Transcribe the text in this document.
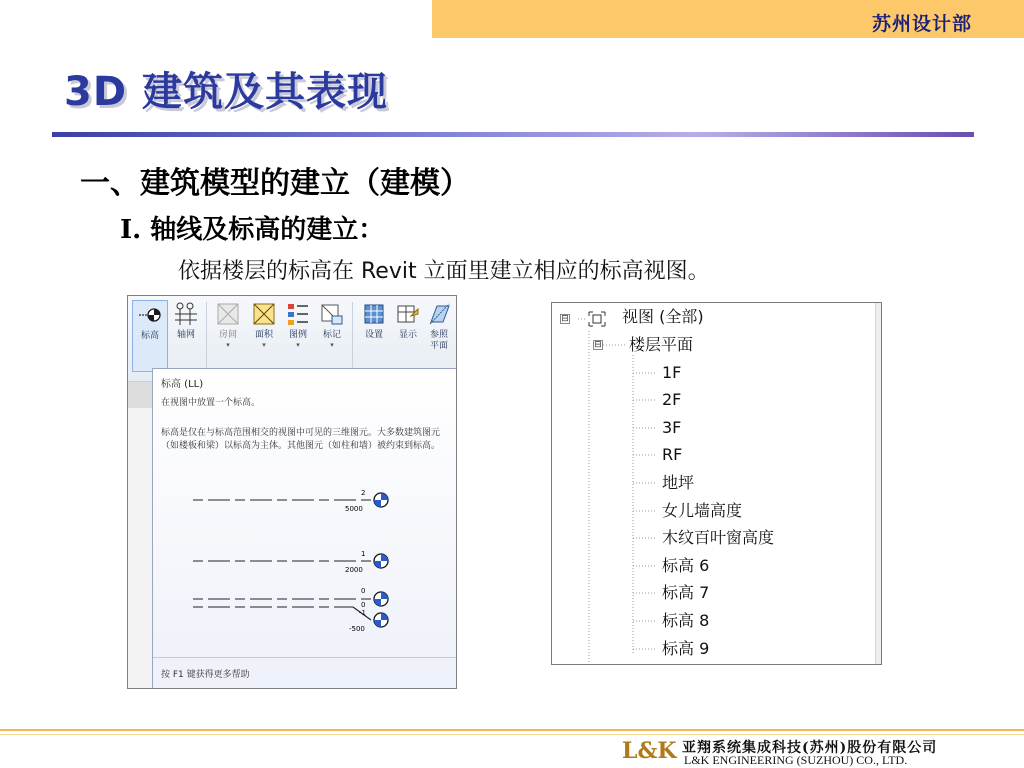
苏州设计部
3D 建筑及其表现
一、建筑模型的建立（建模）
Ⅰ. 轴线及标高的建立：
依据楼层的标高在 Revit 立面里建立相应的标高视图。
标高	轴网	房间
▾
面积
▾
图例
▾
标记
▾
设置	显示	参照平面
标高 (LL)
在视图中放置一个标高。
标高是仅在与标高范围相交的视图中可见的三维图元。大多数建筑图元（如楼板和梁）以标高为主体。其他图元（如柱和墙）被约束到标高。
2
5000
1
2000
0
0
-1
-500
按 F1 键获得更多帮助
⊟	视图 (全部)
⊟ 楼层平面
1F
2F
3F
RF
地坪
女儿墙高度
木纹百叶窗高度
标高 6
标高 7
标高 8
标高 9
L&K 亚翔系统集成科技(苏州)股份有限公司
L&K ENGINEERING (SUZHOU) CO., LTD.
